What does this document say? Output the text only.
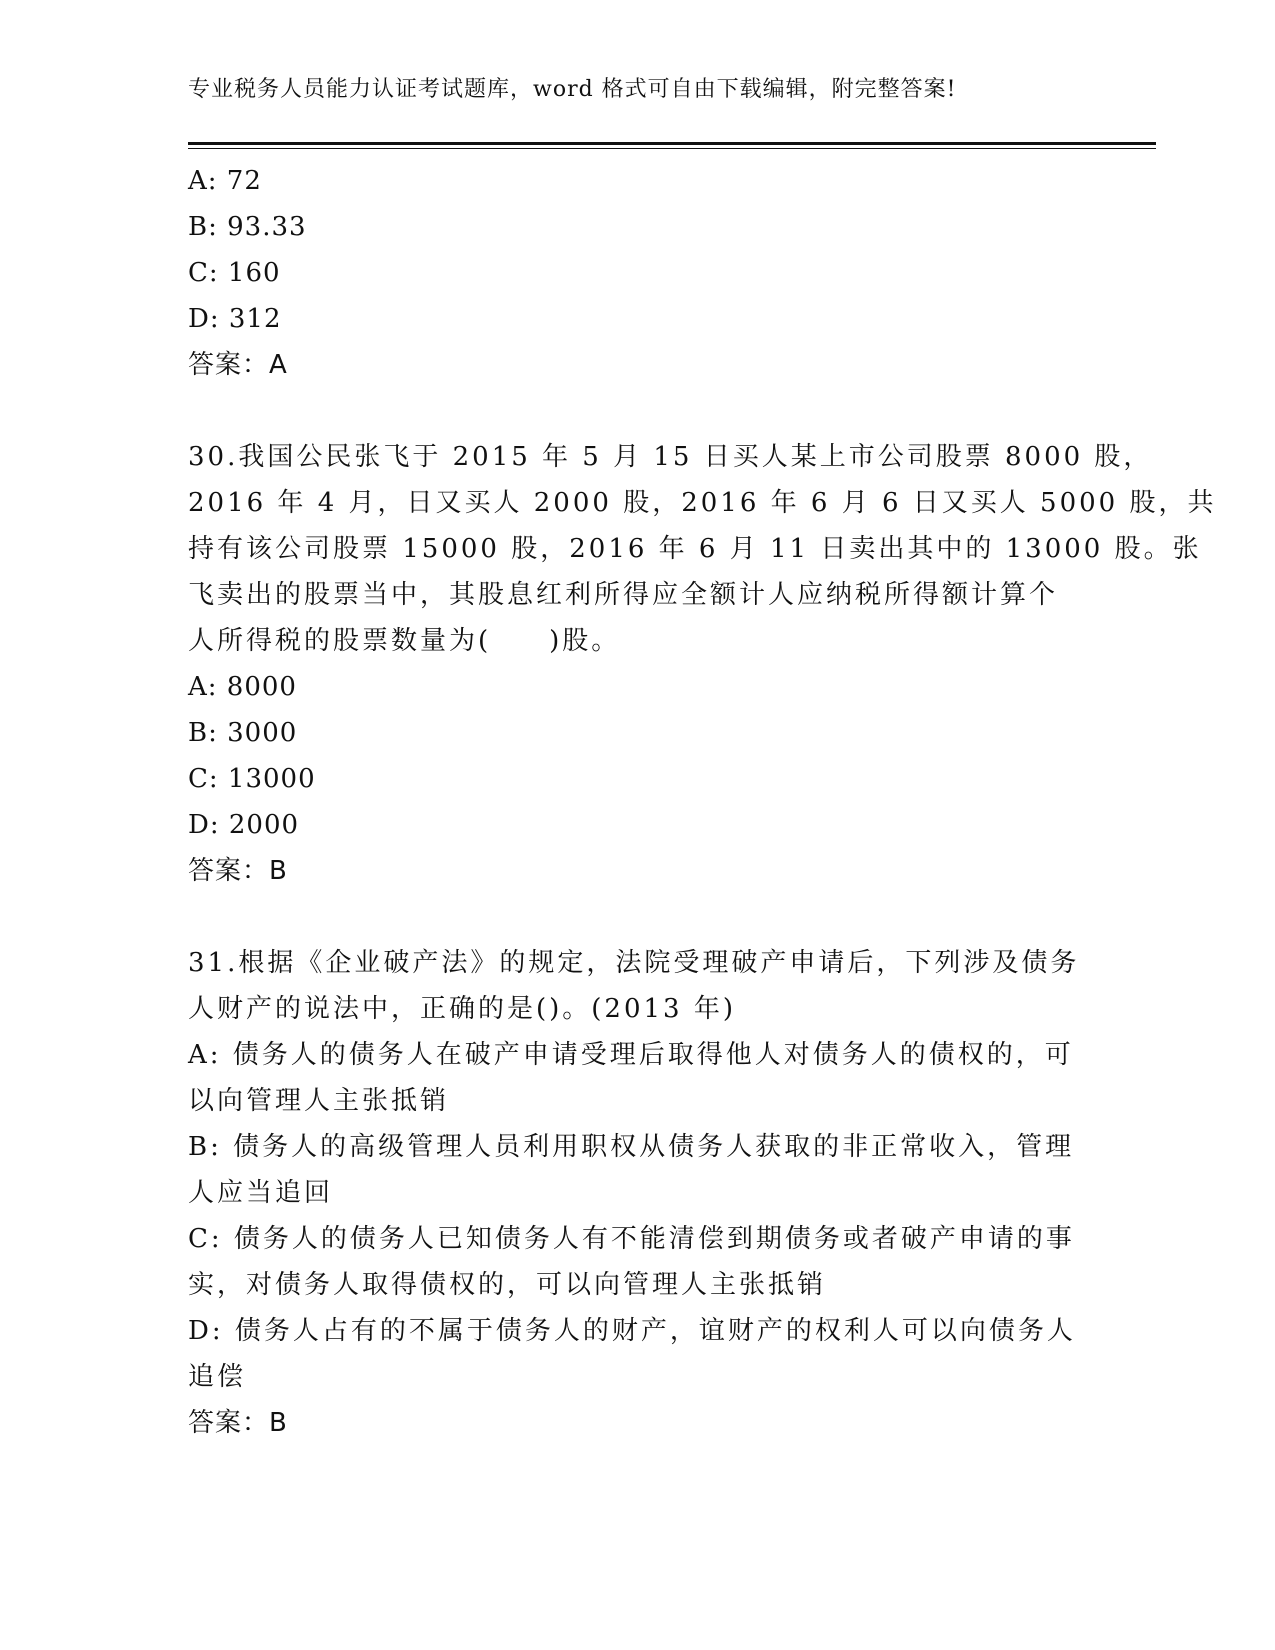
专业税务人员能力认证考试题库，word 格式可自由下载编辑，附完整答案!

A: 72

B: 93.33

C: 160

D: 312

答案：A

30.我国公民张飞于 2015 年 5 月 15 日买人某上市公司股票 8000 股，

2016 年 4 月，日又买人 2000 股，2016 年 6 月 6 日又买人 5000 股，共

持有该公司股票 15000 股，2016 年 6 月 11 日卖出其中的 13000 股。张

飞卖出的股票当中，其股息红利所得应全额计人应纳税所得额计算个

人所得税的股票数量为(　　)股。

A: 8000

B: 3000

C: 13000

D: 2000

答案：B

31.根据《企业破产法》的规定，法院受理破产申请后，下列涉及债务

人财产的说法中，正确的是()。(2013 年)

A: 债务人的债务人在破产申请受理后取得他人对债务人的债权的，可

以向管理人主张抵销

B: 债务人的高级管理人员利用职权从债务人获取的非正常收入，管理

人应当追回

C: 债务人的债务人已知债务人有不能清偿到期债务或者破产申请的事

实，对债务人取得债权的，可以向管理人主张抵销

D: 债务人占有的不属于债务人的财产，谊财产的权利人可以向债务人

追偿

答案：B
